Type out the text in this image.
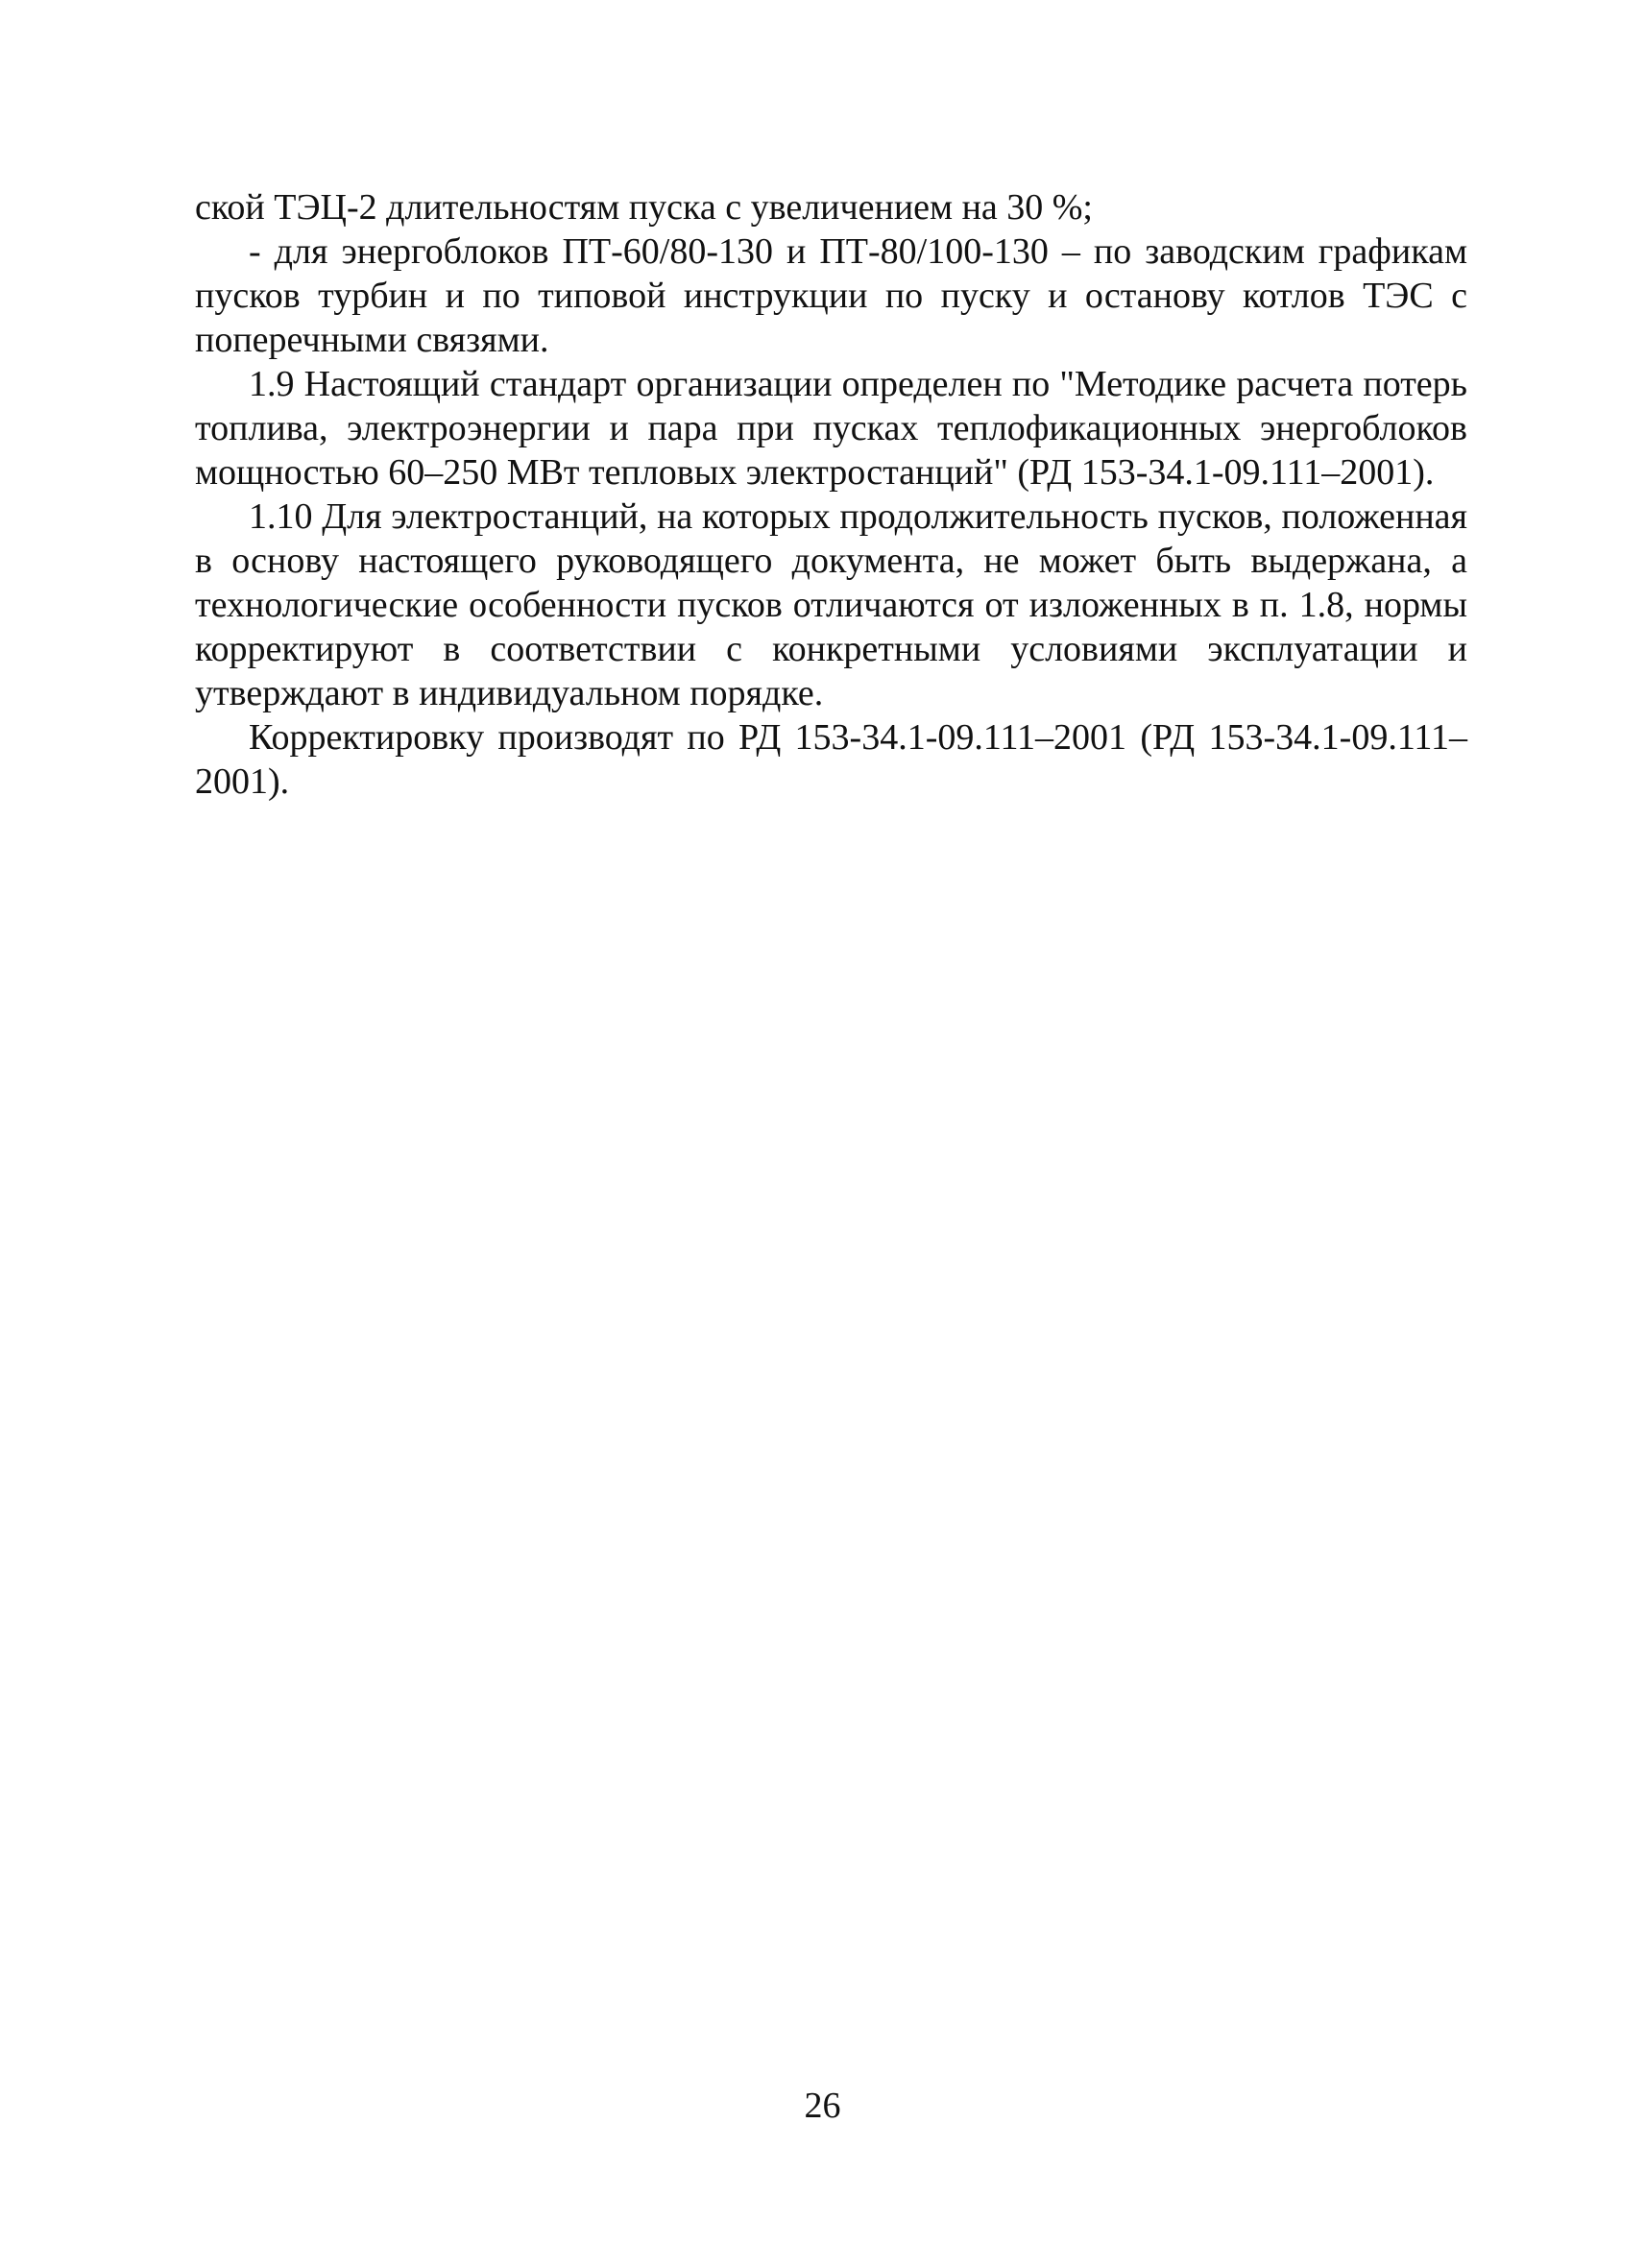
ской ТЭЦ-2 длительностям пуска с увеличением на 30 %;

- для энергоблоков ПТ-60/80-130 и ПТ-80/100-130 – по заводским графикам пусков турбин и по типовой инструкции по пуску и останову котлов ТЭС с поперечными связями.

1.9 Настоящий стандарт организации определен по "Методике расчета потерь топлива, электроэнергии и пара при пусках теплофикационных энергоблоков мощностью 60–250 МВт тепловых электростанций" (РД 153-34.1-09.111–2001).

1.10 Для электростанций, на которых продолжительность пусков, положенная в основу настоящего руководящего документа, не может быть выдержана, а технологические особенности пусков отличаются от изложенных в п. 1.8, нормы корректируют в соответствии с конкретными условиями эксплуатации и утверждают в индивидуальном порядке.

Корректировку производят по РД 153-34.1-09.111–2001 (РД 153-34.1-09.111–2001).

26
